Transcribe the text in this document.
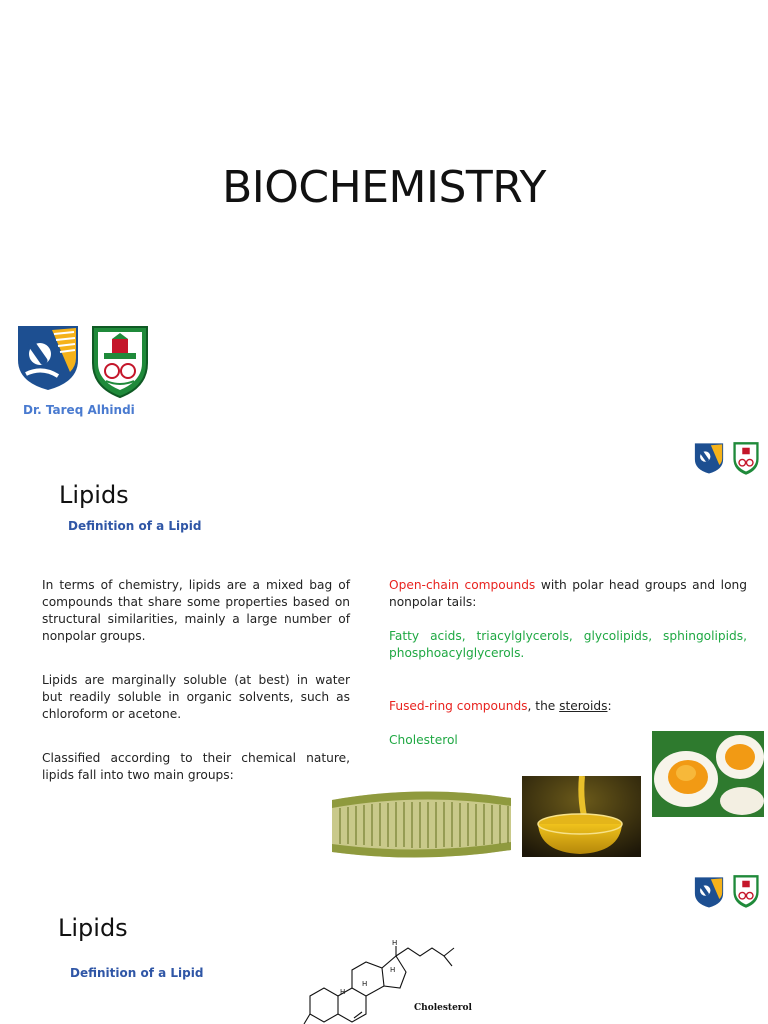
BIOCHEMISTRY
Dr. Tareq Alhindi
Lipids
Definition of a Lipid
In terms of chemistry, lipids are a mixed bag of compounds that share some properties based on structural similarities, mainly a large number of nonpolar groups.
Lipids are marginally soluble (at best) in water but readily soluble in organic solvents, such as chloroform or acetone.
Classified according to their chemical nature, lipids fall into two main groups:
Open-chain compounds with polar head groups and long nonpolar tails:
Fatty acids, triacylglycerols, glycolipids, sphingolipids, phosphoacylglycerols.
Fused-ring compounds, the steroids:
Cholesterol
Lipids
Definition of a Lipid
H
H
H
H
Cholesterol
